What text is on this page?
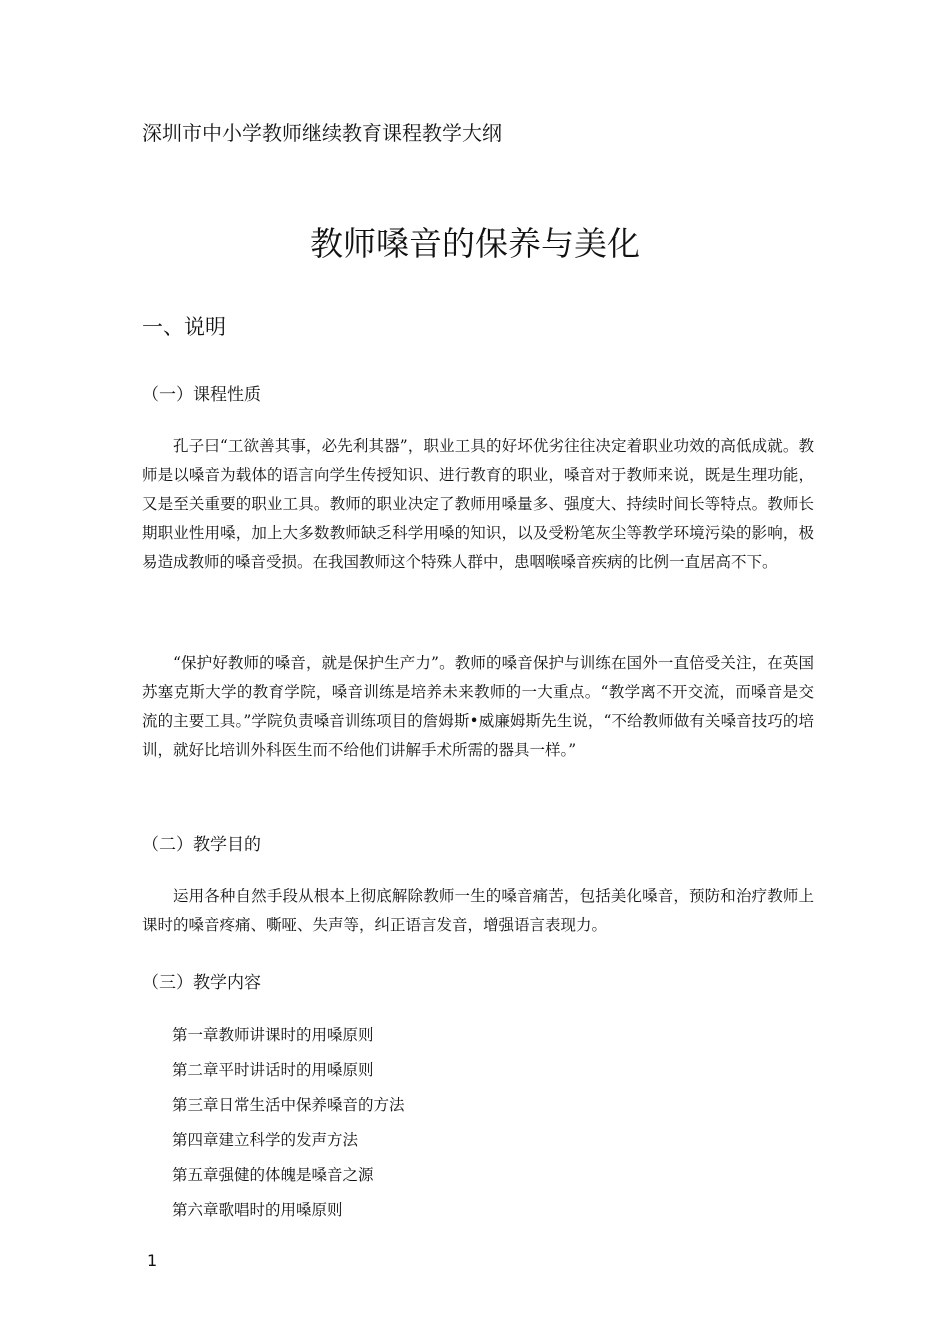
深圳市中小学教师继续教育课程教学大纲
教师嗓音的保养与美化
一、说明
（一）课程性质

孔子曰“工欲善其事，必先利其器”，职业工具的好坏优劣往往决定着职业功效的高低成就。教师是以嗓音为载体的语言向学生传授知识、进行教育的职业，嗓音对于教师来说，既是生理功能，又是至关重要的职业工具。教师的职业决定了教师用嗓量多、强度大、持续时间长等特点。教师长期职业性用嗓，加上大多数教师缺乏科学用嗓的知识，以及受粉笔灰尘等教学环境污染的影响，极易造成教师的嗓音受损。在我国教师这个特殊人群中，患咽喉嗓音疾病的比例一直居高不下。

“保护好教师的嗓音，就是保护生产力”。教师的嗓音保护与训练在国外一直倍受关注，在英国苏塞克斯大学的教育学院，嗓音训练是培养未来教师的一大重点。“教学离不开交流，而嗓音是交流的主要工具。”学院负责嗓音训练项目的詹姆斯•威廉姆斯先生说，“不给教师做有关嗓音技巧的培训，就好比培训外科医生而不给他们讲解手术所需的器具一样。”

（二）教学目的

运用各种自然手段从根本上彻底解除教师一生的嗓音痛苦，包括美化嗓音，预防和治疗教师上课时的嗓音疼痛、嘶哑、失声等，纠正语言发音，增强语言表现力。

（三）教学内容
第一章教师讲课时的用嗓原则
第二章平时讲话时的用嗓原则
第三章日常生活中保养嗓音的方法
第四章建立科学的发声方法
第五章强健的体魄是嗓音之源
第六章歌唱时的用嗓原则
1
